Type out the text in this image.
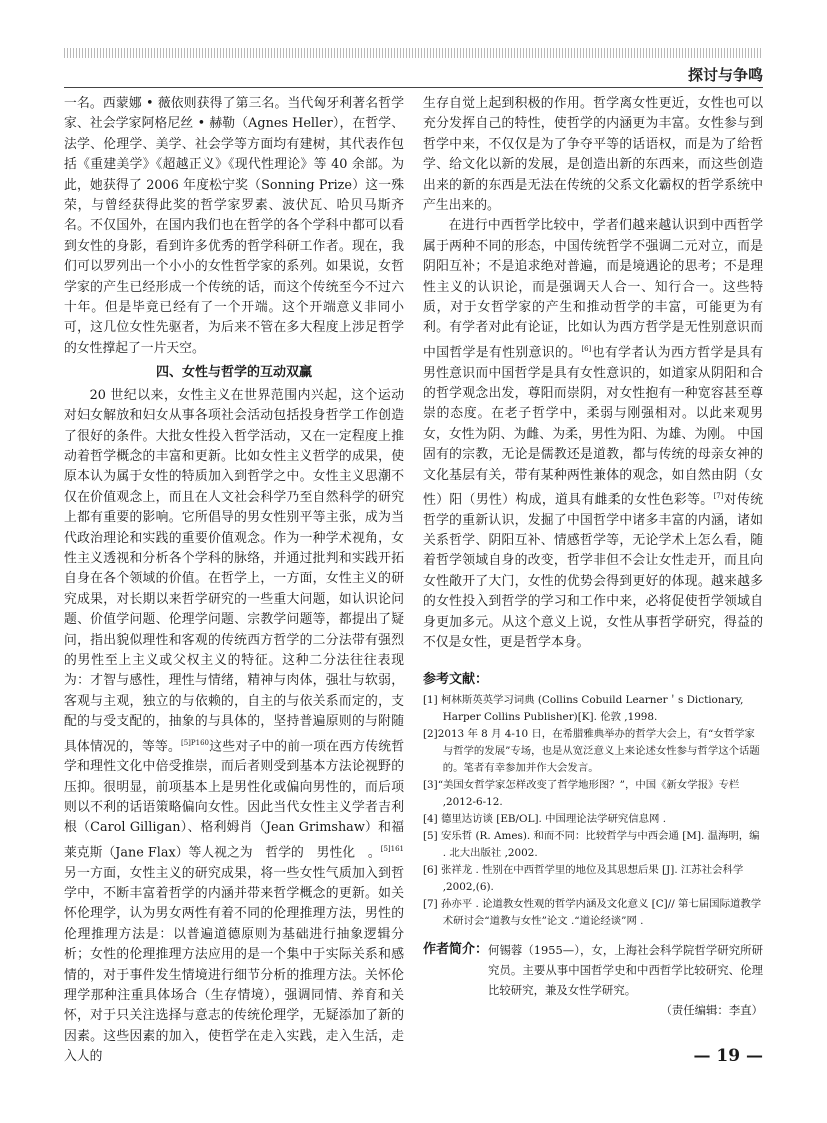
探讨与争鸣

一名。西蒙娜 • 薇依则获得了第三名。当代匈牙利著名哲学家、社会学家阿格尼丝 • 赫勒（Agnes Heller），在哲学、法学、伦理学、美学、社会学等方面均有建树，其代表作包括《重建美学》《超越正义》《现代性理论》等 40 余部。为此，她获得了 2006 年度松宁奖（Sonning Prize）这一殊荣，与曾经获得此奖的哲学家罗素、波伏瓦、哈贝马斯齐名。不仅国外，在国内我们也在哲学的各个学科中都可以看到女性的身影，看到许多优秀的哲学科研工作者。现在，我们可以罗列出一个小小的女性哲学家的系列。如果说，女哲学家的产生已经形成一个传统的话，而这个传统至今不过六十年。但是毕竟已经有了一个开端。这个开端意义非同小可，这几位女性先驱者，为后来不管在多大程度上涉足哲学的女性撑起了一片天空。

四、女性与哲学的互动双赢

20 世纪以来，女性主义在世界范围内兴起，这个运动对妇女解放和妇女从事各项社会活动包括投身哲学工作创造了很好的条件。大批女性投入哲学活动，又在一定程度上推动着哲学概念的丰富和更新。比如女性主义哲学的成果，使原本认为属于女性的特质加入到哲学之中。女性主义思潮不仅在价值观念上，而且在人文社会科学乃至自然科学的研究上都有重要的影响。它所倡导的男女性别平等主张，成为当代政治理论和实践的重要价值观念。作为一种学术视角，女性主义透视和分析各个学科的脉络，并通过批判和实践开拓自身在各个领域的价值。在哲学上，一方面，女性主义的研究成果，对长期以来哲学研究的一些重大问题，如认识论问题、价值学问题、伦理学问题、宗教学问题等，都提出了疑问，指出貌似理性和客观的传统西方哲学的二分法带有强烈的男性至上主义或父权主义的特征。这种二分法往往表现为：才智与感性，理性与情绪，精神与肉体，强壮与软弱，客观与主观，独立的与依赖的，自主的与依关系而定的，支配的与受支配的，抽象的与具体的，坚持普遍原则的与附随具体情况的，等等。$^{[5]P160}$这些对子中的前一项在西方传统哲学和理性文化中倍受推崇，而后者则受到基本方法论视野的压抑。很明显，前项基本上是男性化或偏向男性的，而后项则以不利的话语策略偏向女性。因此当代女性主义学者吉利根（Carol Gilligan）、格利姆肖（Jean Grimshaw）和福莱克斯（Jane Flax）等人视之为　哲学的　男性化　。$^{[5]161}$另一方面，女性主义的研究成果，将一些女性气质加入到哲学中，不断丰富着哲学的内涵并带来哲学概念的更新。如关怀伦理学，认为男女两性有着不同的伦理推理方法，男性的伦理推理方法是：以普遍道德原则为基础进行抽象逻辑分析；女性的伦理推理方法应用的是一个集中于实际关系和感情的，对于事件发生情境进行细节分析的推理方法。关怀伦理学那种注重具体场合（生存情境），强调同情、养育和关怀，对于只关注选择与意志的传统伦理学，无疑添加了新的因素。这些因素的加入，使哲学在走入实践，走入生活，走入人的

生存自觉上起到积极的作用。哲学离女性更近，女性也可以充分发挥自己的特性，使哲学的内涵更为丰富。女性参与到哲学中来，不仅仅是为了争夺平等的话语权，而是为了给哲学、给文化以新的发展，是创造出新的东西来，而这些创造出来的新的东西是无法在传统的父系文化霸权的哲学系统中产生出来的。

在进行中西哲学比较中，学者们越来越认识到中西哲学属于两种不同的形态，中国传统哲学不强调二元对立，而是阴阳互补；不是追求绝对普遍，而是境遇论的思考；不是理性主义的认识论，而是强调天人合一、知行合一。这些特质，对于女哲学家的产生和推动哲学的丰富，可能更为有利。有学者对此有论证，比如认为西方哲学是无性别意识而中国哲学是有性别意识的。[6]也有学者认为西方哲学是具有男性意识而中国哲学是具有女性意识的，如道家从阴阳和合的哲学观念出发，尊阳而崇阴，对女性抱有一种宽容甚至尊崇的态度。在老子哲学中，柔弱与刚强相对。以此来观男女，女性为阴、为雌、为柔，男性为阳、为雄、为刚。 中国固有的宗教，无论是儒教还是道教，都与传统的母亲女神的文化基层有关，带有某种两性兼体的观念，如自然由阴（女性）阳（男性）构成，道具有雌柔的女性色彩等。[7]对传统哲学的重新认识，发掘了中国哲学中诸多丰富的内涵，诸如关系哲学、阴阳互补、情感哲学等，无论学术上怎么看，随着哲学领域自身的改变，哲学非但不会让女性走开，而且向女性敞开了大门，女性的优势会得到更好的体现。越来越多的女性投入到哲学的学习和工作中来，必将促使哲学领域自身更加多元。从这个意义上说，女性从事哲学研究，得益的不仅是女性，更是哲学本身。

参考文献：
[1] 柯林斯英英学习词典 (Collins Cobuild Learner＇s Dictionary, Harper Collins Publisher)[K]. 伦敦 ,1998.
[2]2013 年 8 月 4-10 日，在希腊雅典举办的哲学大会上，有“女哲学家与哲学的发展”专场，也是从宽泛意义上来论述女性参与哲学这个话题的。笔者有幸参加并作大会发言。
[3]“美国女哲学家怎样改变了哲学地形图？”，中国《新女学报》专栏 ,2012-6-12.
[4] 德里达访谈 [EB/OL]. 中国理论法学研究信息网 .
[5] 安乐哲 (R. Ames). 和而不同：比较哲学与中西会通 [M]. 温海明，编 . 北大出版社 ,2002.
[6] 张祥龙 . 性别在中西哲学里的地位及其思想后果 [J]. 江苏社会科学 ,2002,(6).
[7] 孙亦平 . 论道教女性观的哲学内涵及文化意义 [C]// 第七届国际道教学术研讨会“道教与女性”论文 .“道论经谈”网 .
作者简介： 何锡蓉（1955—），女，上海社会科学院哲学研究所研究员。主要从事中国哲学史和中西哲学比较研究、伦理比较研究，兼及女性学研究。
（责任编辑：李直）
— 19 —
